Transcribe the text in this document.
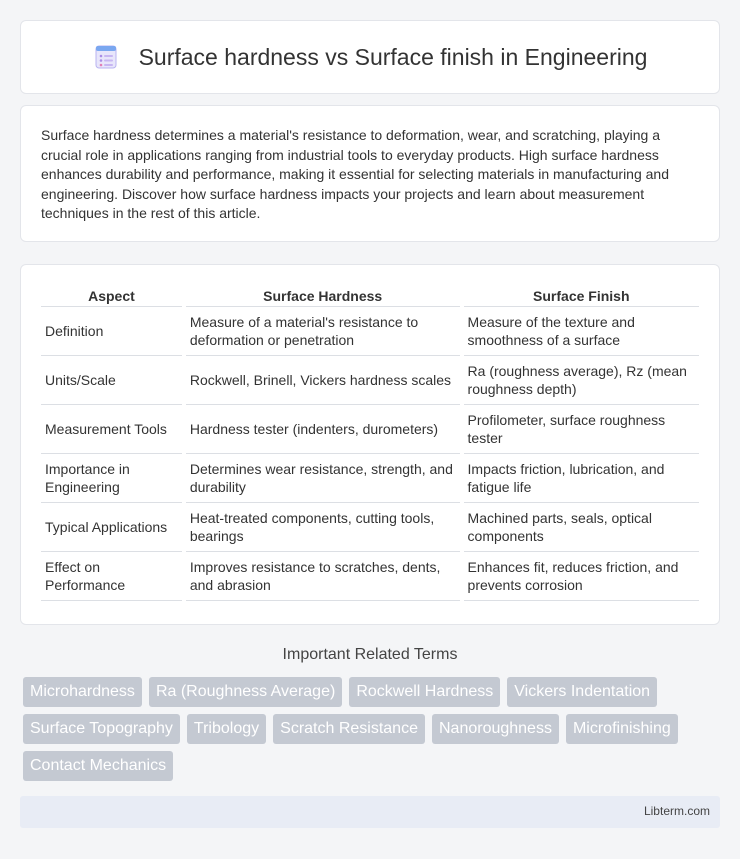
Surface hardness vs Surface finish in Engineering

Surface hardness determines a material's resistance to deformation, wear, and scratching, playing a crucial role in applications ranging from industrial tools to everyday products. High surface hardness enhances durability and performance, making it essential for selecting materials in manufacturing and engineering. Discover how surface hardness impacts your projects and learn about measurement techniques in the rest of this article.

Aspect	Surface Hardness	Surface Finish
Definition	Measure of a material's resistance to deformation or penetration	Measure of the texture and smoothness of a surface
Units/Scale	Rockwell, Brinell, Vickers hardness scales	Ra (roughness average), Rz (mean roughness depth)
Measurement Tools	Hardness tester (indenters, durometers)	Profilometer, surface roughness tester
Importance in Engineering	Determines wear resistance, strength, and durability	Impacts friction, lubrication, and fatigue life
Typical Applications	Heat-treated components, cutting tools, bearings	Machined parts, seals, optical components
Effect on Performance	Improves resistance to scratches, dents, and abrasion	Enhances fit, reduces friction, and prevents corrosion
Important Related Terms
Microhardness	Ra (Roughness Average)	Rockwell Hardness	Vickers Indentation
Surface Topography	Tribology	Scratch Resistance	Nanoroughness	Microfinishing
Contact Mechanics
Libterm.com
